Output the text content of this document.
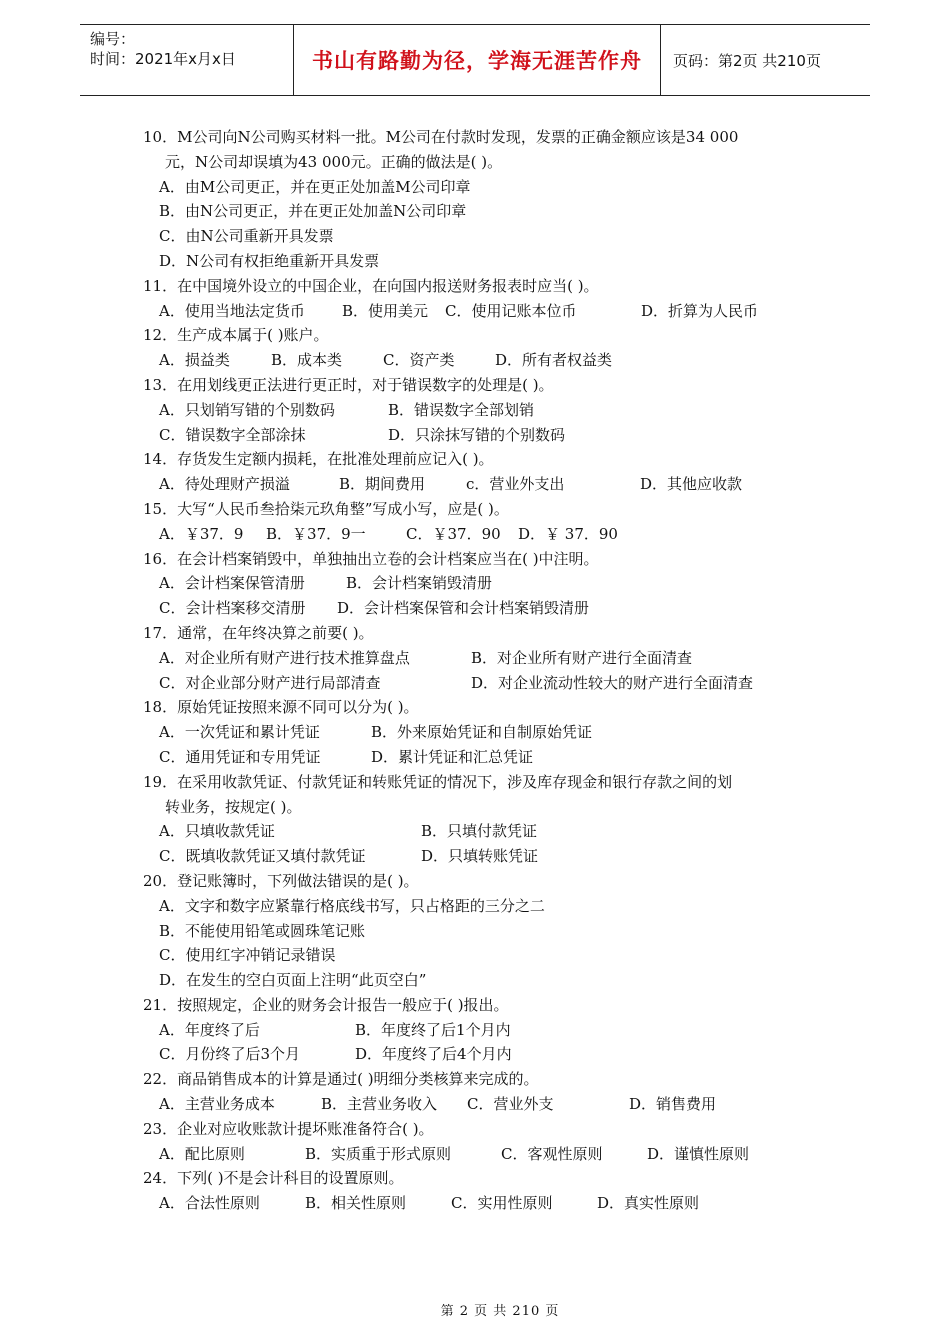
编号：
时间：2021年x月x日	书山有路勤为径，学海无涯苦作舟 页码：第2页 共210页
10．M公司向N公司购买材料一批。M公司在付款时发现，发票的正确金额应该是34 000
元，N公司却误填为43 000元。正确的做法是( )。
A．由M公司更正，并在更正处加盖M公司印章
B．由N公司更正，并在更正处加盖N公司印章
C．由N公司重新开具发票
D．N公司有权拒绝重新开具发票
11．在中国境外设立的中国企业，在向国内报送财务报表时应当( )。
A．使用当地法定货币 B．使用美元 C．使用记账本位币	D．折算为人民币
12．生产成本属于( )账户。
A．损益类	B．成本类	C．资产类	D．所有者权益类
13．在用划线更正法进行更正时，对于错误数字的处理是( )。
A．只划销写错的个别数码	B．错误数字全部划销
C．错误数字全部涂抹	D．只涂抹写错的个别数码
14．存货发生定额内损耗，在批准处理前应记入( )。
A．待处理财产损溢	B．期间费用	c．营业外支出	D．其他应收款
15．大写“人民币叁拾柒元玖角整”写成小写，应是( )。
A．￥37．9 B．￥37．9一	C．￥37．90 D．￥ 37．90
16．在会计档案销毁中，单独抽出立卷的会计档案应当在( )中注明。
A．会计档案保管清册	B．会计档案销毁清册
C．会计档案移交清册 D．会计档案保管和会计档案销毁清册
17．通常，在年终决算之前要( )。
A．对企业所有财产进行技术推算盘点	B．对企业所有财产进行全面清查
C．对企业部分财产进行局部清查	D．对企业流动性较大的财产进行全面清查
18．原始凭证按照来源不同可以分为( )。
A．一次凭证和累计凭证	B．外来原始凭证和自制原始凭证
C．通用凭证和专用凭证	D．累计凭证和汇总凭证
19．在采用收款凭证、付款凭证和转账凭证的情况下，涉及库存现金和银行存款之间的划
转业务，按规定( )。
A．只填收款凭证	B．只填付款凭证
C．既填收款凭证又填付款凭证	D．只填转账凭证
20．登记账簿时，下列做法错误的是( )。
A．文字和数字应紧靠行格底线书写，只占格距的三分之二
B．不能使用铅笔或圆珠笔记账
C．使用红字冲销记录错误
D．在发生的空白页面上注明“此页空白”
21．按照规定，企业的财务会计报告一般应于( )报出。
A．年度终了后	B．年度终了后1个月内
C．月份终了后3个月	D．年度终了后4个月内
22．商品销售成本的计算是通过( )明细分类核算来完成的。
A．主营业务成本	B．主营业务收入 C．营业外支	D．销售费用
23．企业对应收账款计提坏账准备符合( )。
A．配比原则	B．实质重于形式原则	C．客观性原则	D．谨慎性原则
24．下列( )不是会计科目的设置原则。
A．合法性原则	B．相关性原则	C．实用性原则	D．真实性原则
第 2 页 共 210 页
